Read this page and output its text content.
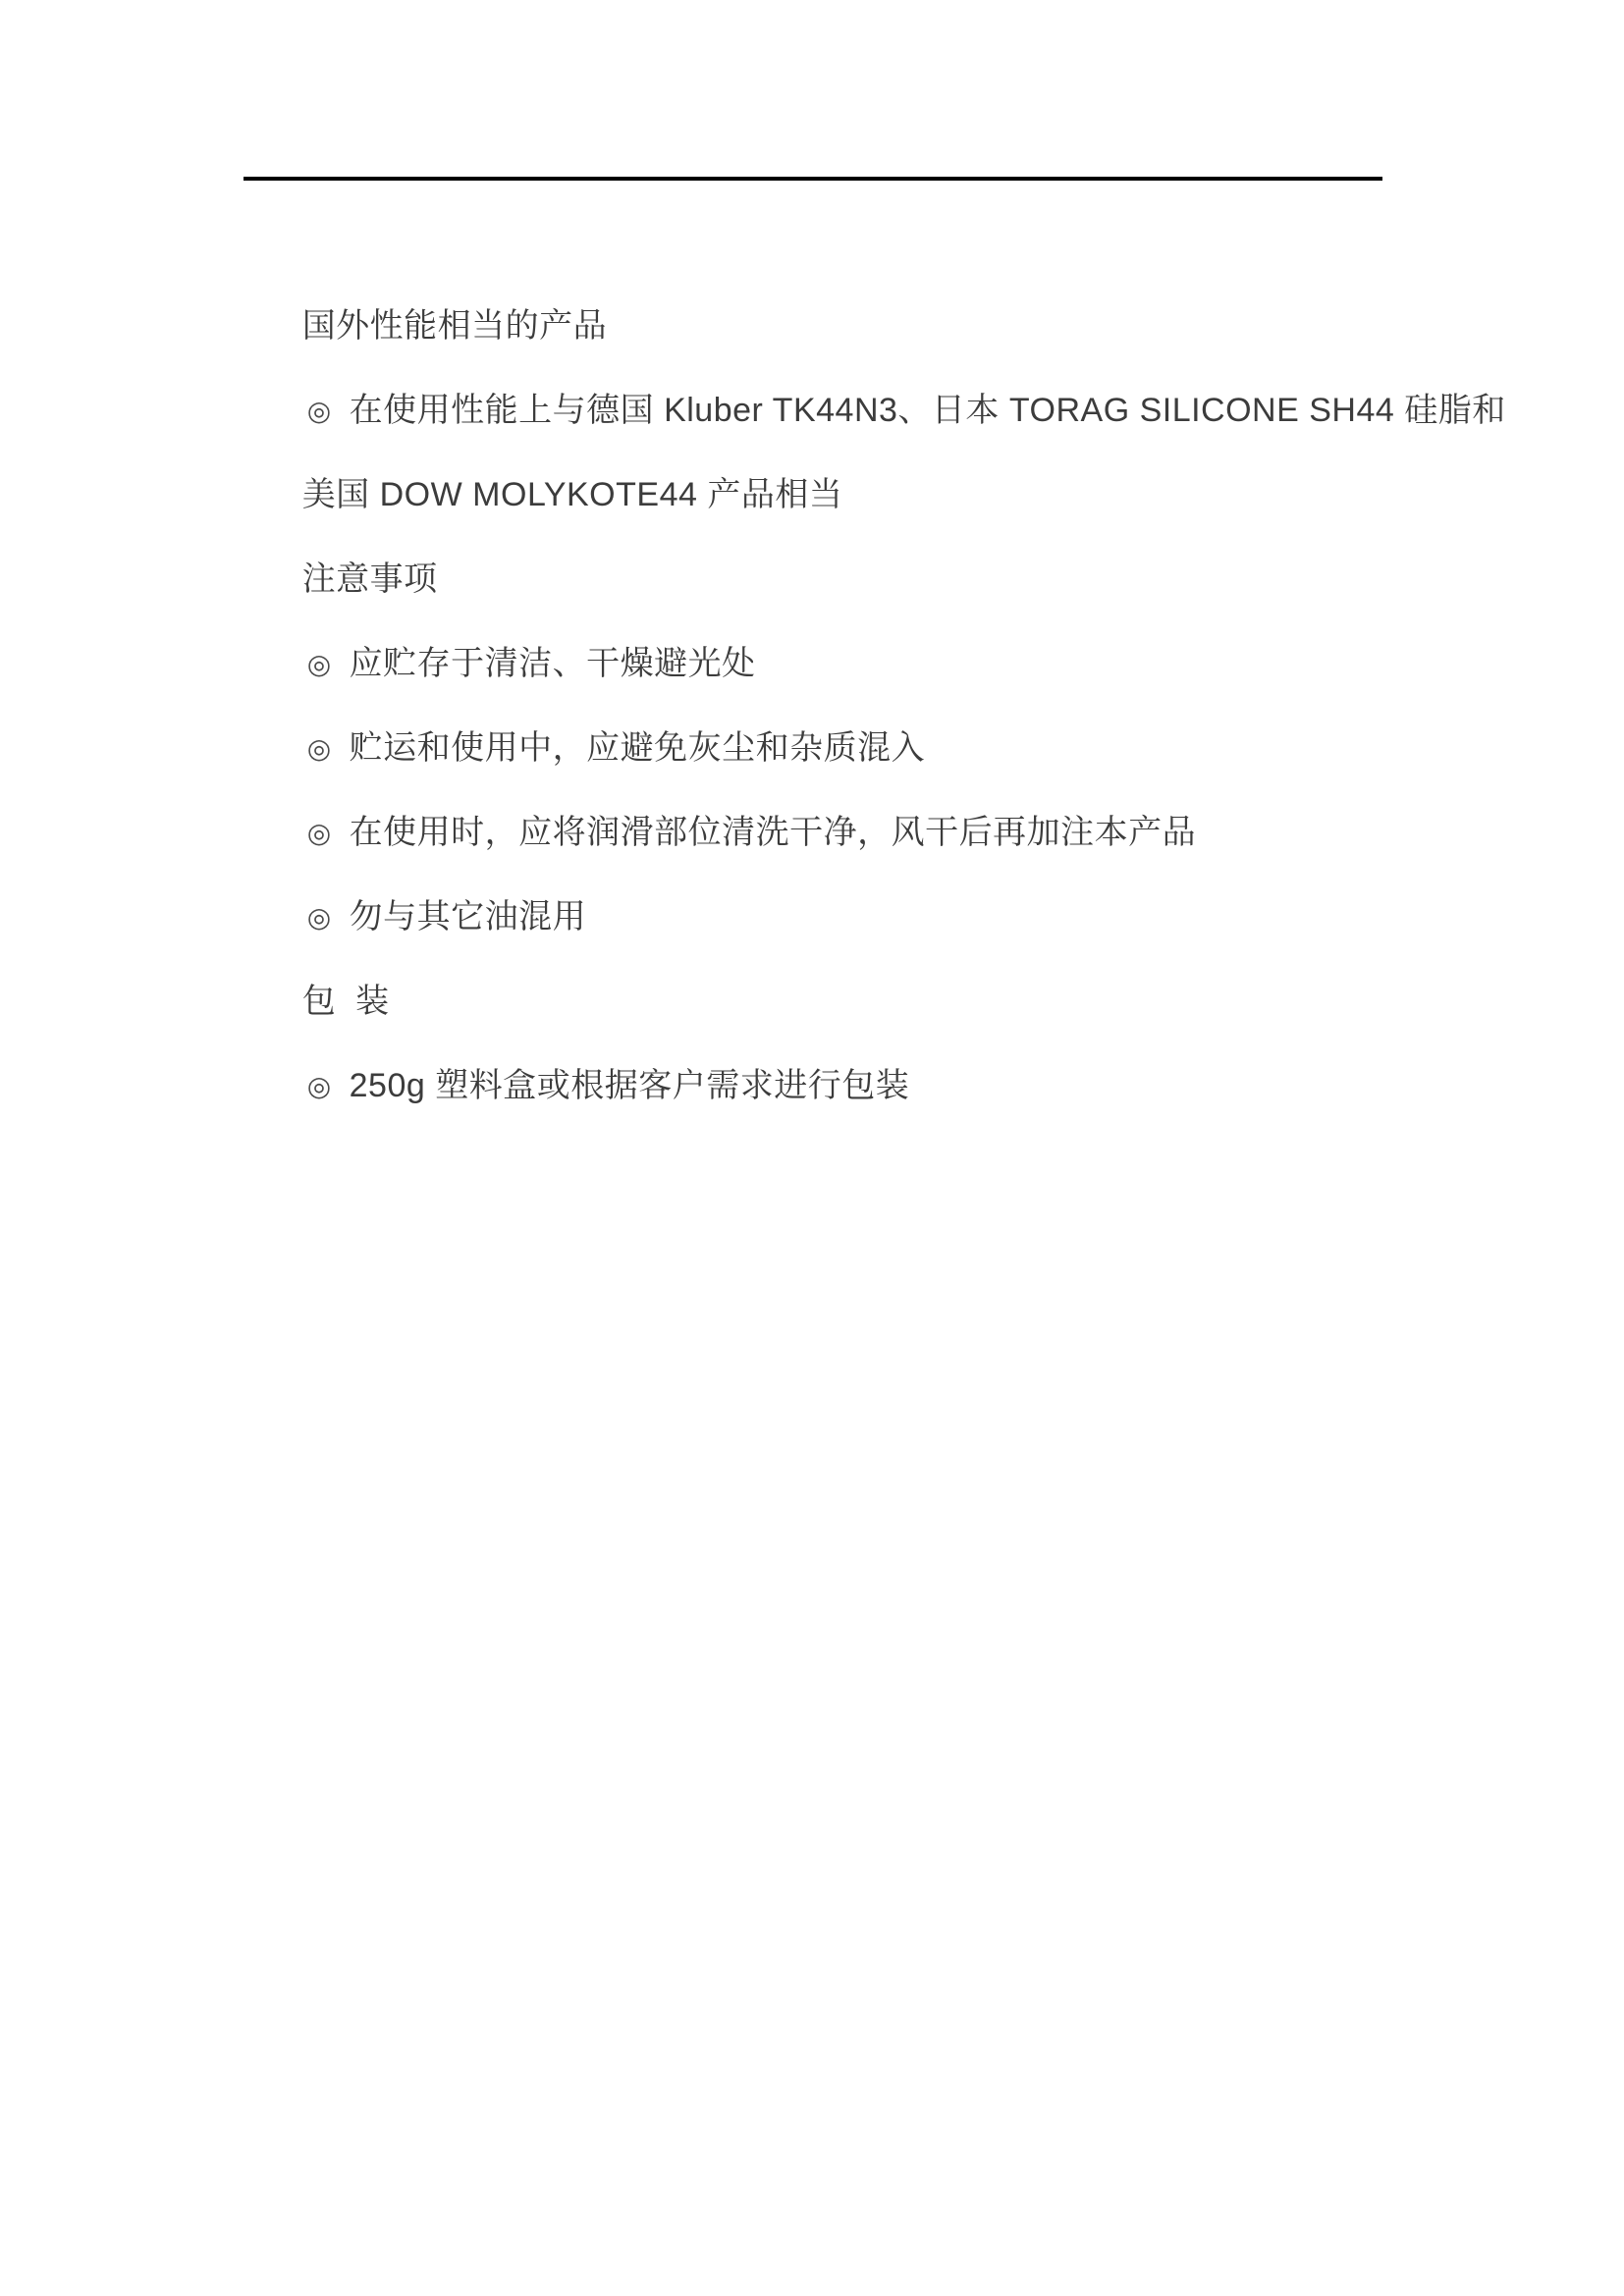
国外性能相当的产品

◎ 在使用性能上与德国 Kluber TK44N3、日本 TORAG SILICONE SH44 硅脂和

美国 DOW MOLYKOTE44 产品相当

注意事项

◎ 应贮存于清洁、干燥避光处

◎ 贮运和使用中，应避免灰尘和杂质混入

◎ 在使用时，应将润滑部位清洗干净，风干后再加注本产品

◎ 勿与其它油混用

包  装

◎ 250g 塑料盒或根据客户需求进行包装
